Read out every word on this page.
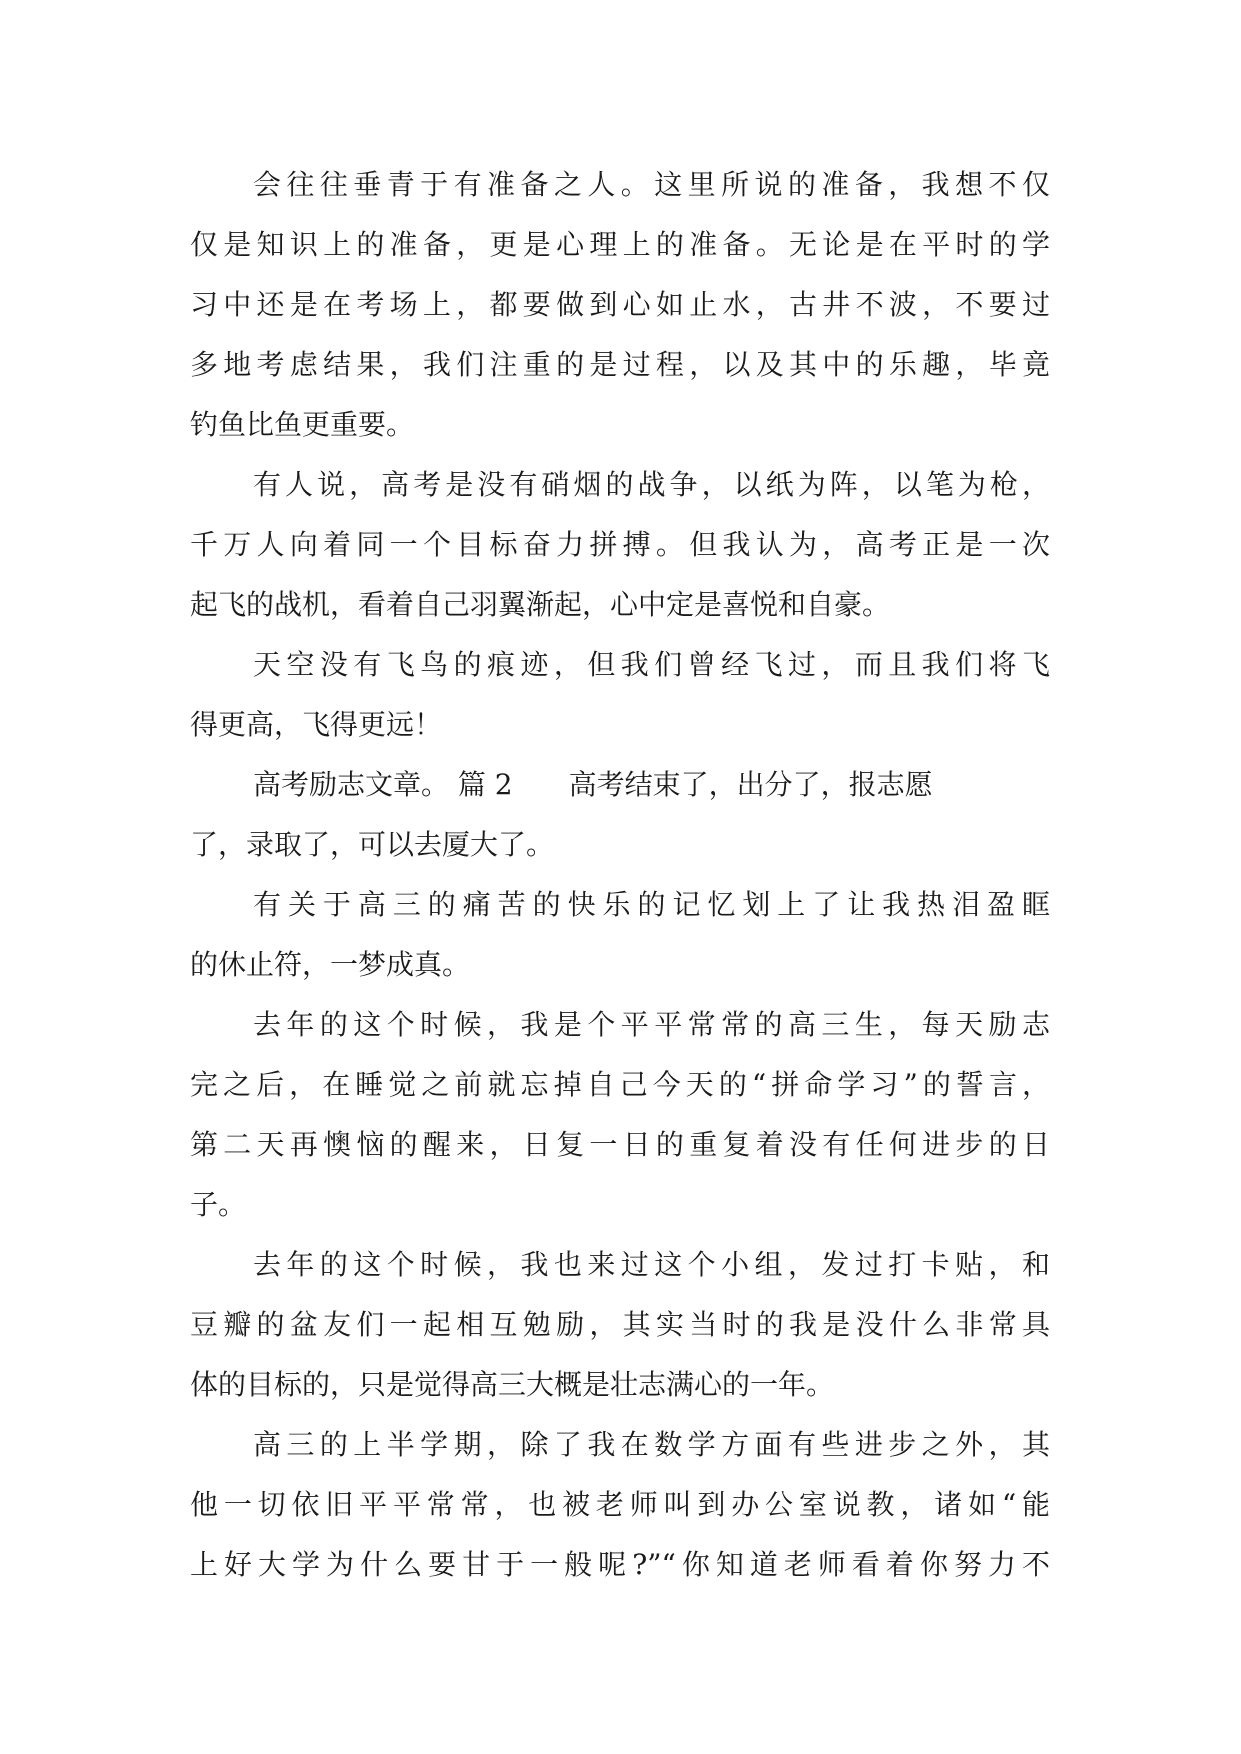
会往往垂青于有准备之人。这里所说的准备，我想不仅
仅是知识上的准备，更是心理上的准备。无论是在平时的学
习中还是在考场上，都要做到心如止水，古井不波，不要过
多地考虑结果，我们注重的是过程，以及其中的乐趣，毕竟
钓鱼比鱼更重要。
有人说，高考是没有硝烟的战争，以纸为阵，以笔为枪，
千万人向着同一个目标奋力拼搏。但我认为，高考正是一次
起飞的战机，看着自己羽翼渐起，心中定是喜悦和自豪。
天空没有飞鸟的痕迹，但我们曾经飞过，而且我们将飞
得更高，飞得更远！
高考励志文章。 篇 2 高考结束了，出分了，报志愿
了，录取了，可以去厦大了。
有关于高三的痛苦的快乐的记忆划上了让我热泪盈眶
的休止符，一梦成真。
去年的这个时候，我是个平平常常的高三生，每天励志
完之后，在睡觉之前就忘掉自己今天的“拼命学习”的誓言，
第二天再懊恼的醒来，日复一日的重复着没有任何进步的日
子。
去年的这个时候，我也来过这个小组，发过打卡贴，和
豆瓣的盆友们一起相互勉励，其实当时的我是没什么非常具
体的目标的，只是觉得高三大概是壮志满心的一年。
高三的上半学期，除了我在数学方面有些进步之外，其
他一切依旧平平常常，也被老师叫到办公室说教，诸如“能
上好大学为什么要甘于一般呢?”“你知道老师看着你努力不
